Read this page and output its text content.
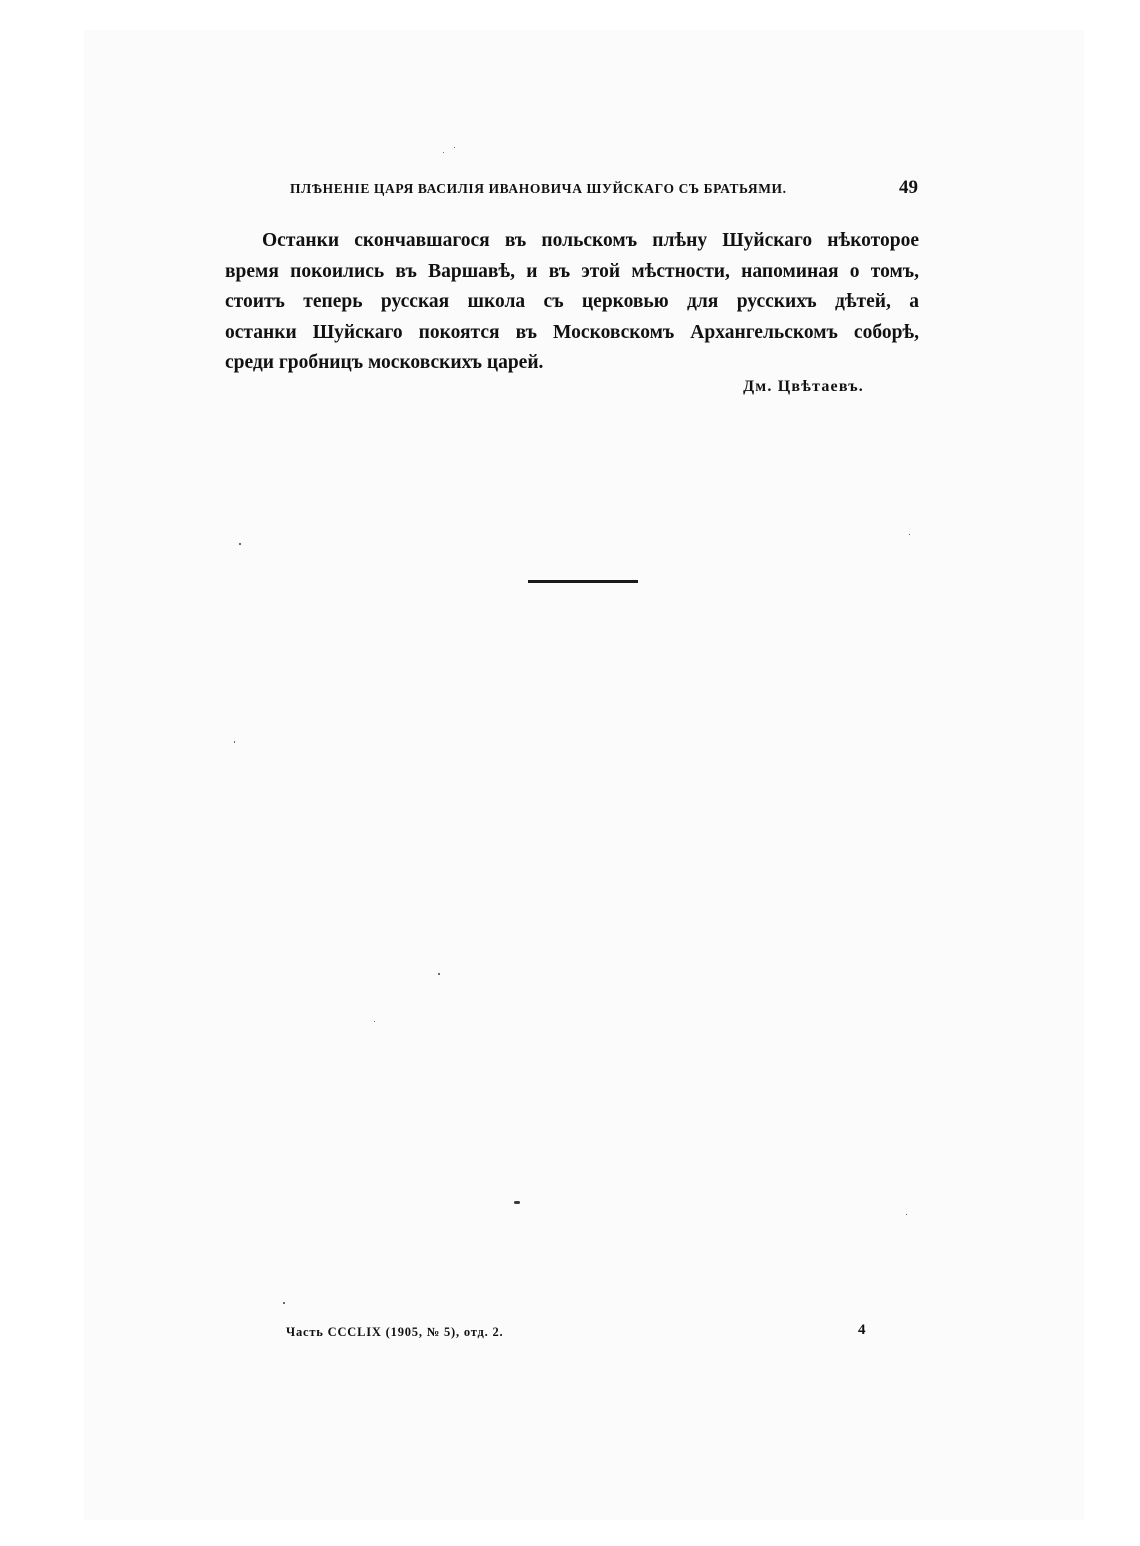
ПЛѢНЕНІЕ ЦАРЯ ВАСИЛІЯ ИВАНОВИЧА ШУЙСКАГО СЪ БРАТЬЯМИ.	49
Останки скончавшагося въ польскомъ плѣну Шуйскаго нѣкоторое
время покоились въ Варшавѣ, и въ этой мѣстности, напоминая о томъ,
стоитъ теперь русская школа съ церковью для русскихъ дѣтей, а
останки Шуйскаго покоятся въ Московскомъ Архангельскомъ соборѣ,
среди гробницъ московскихъ царей.
Дм. Цвѣтаевъ.
Часть CCCLIX (1905, № 5), отд. 2.	4
